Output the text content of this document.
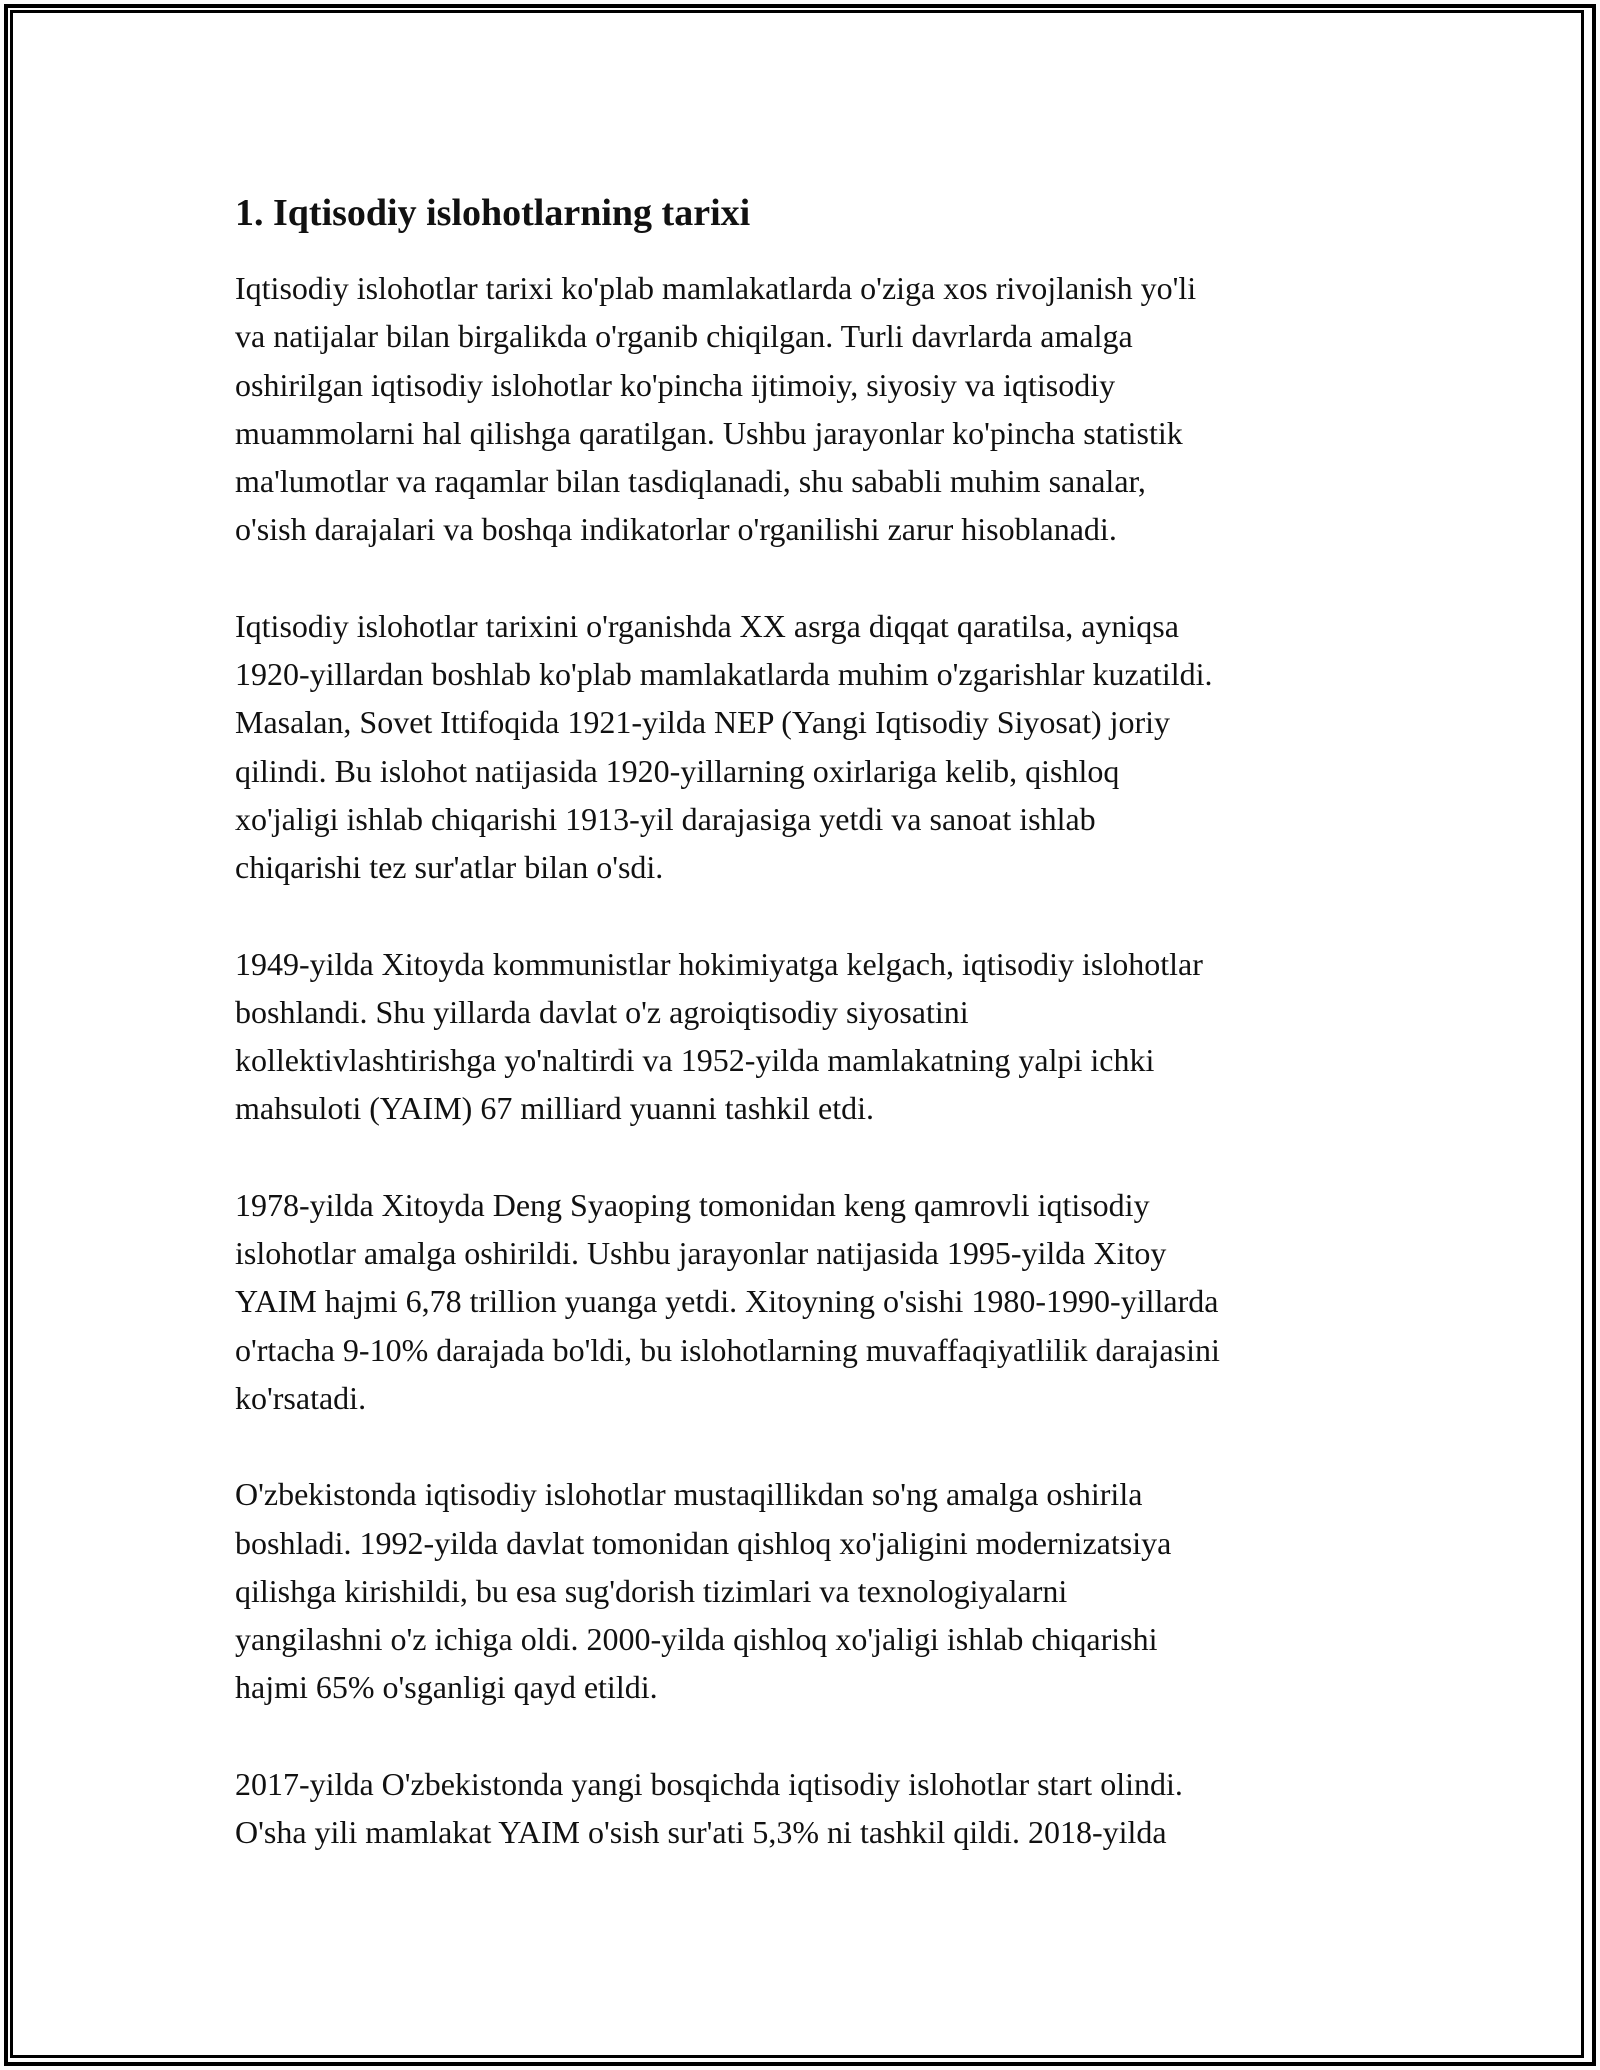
1. Iqtisodiy islohotlarning tarixi

Iqtisodiy islohotlar tarixi ko'plab mamlakatlarda o'ziga xos rivojlanish yo'li
va natijalar bilan birgalikda o'rganib chiqilgan. Turli davrlarda amalga
oshirilgan iqtisodiy islohotlar ko'pincha ijtimoiy, siyosiy va iqtisodiy
muammolarni hal qilishga qaratilgan. Ushbu jarayonlar ko'pincha statistik
ma'lumotlar va raqamlar bilan tasdiqlanadi, shu sababli muhim sanalar,
o'sish darajalari va boshqa indikatorlar o'rganilishi zarur hisoblanadi.

Iqtisodiy islohotlar tarixini o'rganishda XX asrga diqqat qaratilsa, ayniqsa
1920-yillardan boshlab ko'plab mamlakatlarda muhim o'zgarishlar kuzatildi.
Masalan, Sovet Ittifoqida 1921-yilda NEP (Yangi Iqtisodiy Siyosat) joriy
qilindi. Bu islohot natijasida 1920-yillarning oxirlariga kelib, qishloq
xo'jaligi ishlab chiqarishi 1913-yil darajasiga yetdi va sanoat ishlab
chiqarishi tez sur'atlar bilan o'sdi.

1949-yilda Xitoyda kommunistlar hokimiyatga kelgach, iqtisodiy islohotlar
boshlandi. Shu yillarda davlat o'z agroiqtisodiy siyosatini
kollektivlashtirishga yo'naltirdi va 1952-yilda mamlakatning yalpi ichki
mahsuloti (YAIM) 67 milliard yuanni tashkil etdi.

1978-yilda Xitoyda Deng Syaoping tomonidan keng qamrovli iqtisodiy
islohotlar amalga oshirildi. Ushbu jarayonlar natijasida 1995-yilda Xitoy
YAIM hajmi 6,78 trillion yuanga yetdi. Xitoyning o'sishi 1980-1990-yillarda
o'rtacha 9-10% darajada bo'ldi, bu islohotlarning muvaffaqiyatlilik darajasini
ko'rsatadi.

O'zbekistonda iqtisodiy islohotlar mustaqillikdan so'ng amalga oshirila
boshladi. 1992-yilda davlat tomonidan qishloq xo'jaligini modernizatsiya
qilishga kirishildi, bu esa sug'dorish tizimlari va texnologiyalarni
yangilashni o'z ichiga oldi. 2000-yilda qishloq xo'jaligi ishlab chiqarishi
hajmi 65% o'sganligi qayd etildi.

2017-yilda O'zbekistonda yangi bosqichda iqtisodiy islohotlar start olindi.
O'sha yili mamlakat YAIM o'sish sur'ati 5,3% ni tashkil qildi. 2018-yilda
